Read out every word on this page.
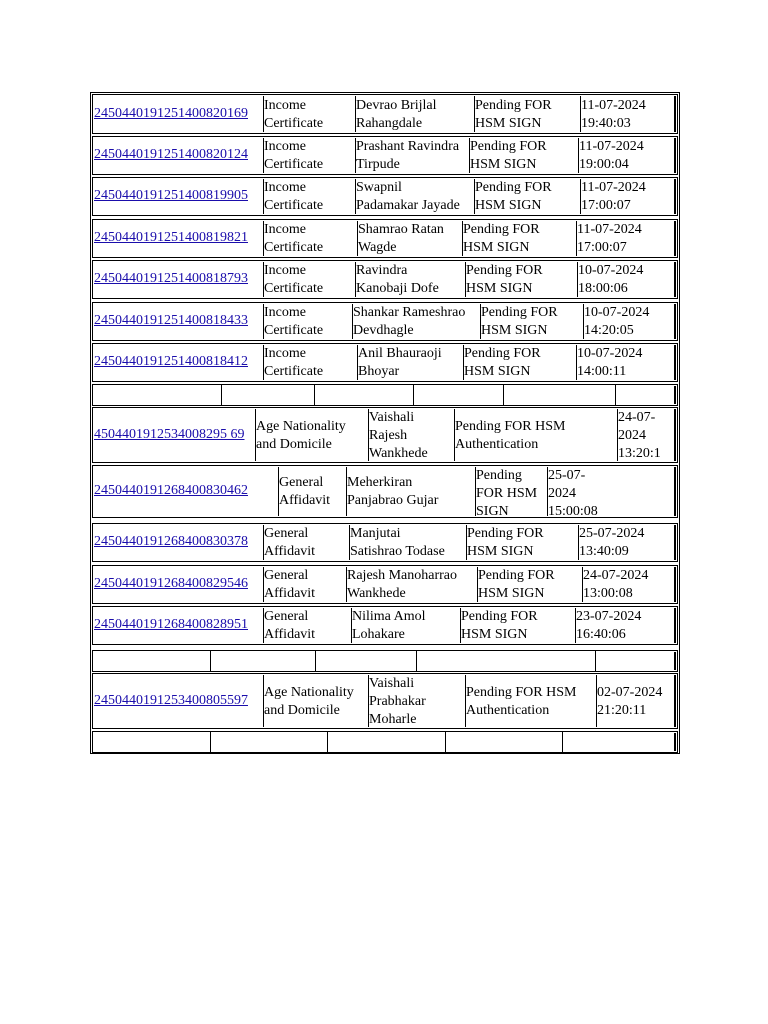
2450440191251400820169
Income
Certificate
Devrao Brijlal
Rahangdale
Pending FOR
HSM SIGN
11-07-2024
19:40:03
2450440191251400820124
Income
Certificate
Prashant Ravindra
Tirpude
Pending FOR
HSM SIGN
11-07-2024
19:00:04
2450440191251400819905
Income
Certificate
Swapnil
Padamakar Jayade
Pending FOR
HSM SIGN
11-07-2024
17:00:07
2450440191251400819821
Income
Certificate
Shamrao Ratan
Wagde
Pending FOR
HSM SIGN
11-07-2024
17:00:07
2450440191251400818793
Income
Certificate
Ravindra
Kanobaji Dofe
Pending FOR
HSM SIGN
10-07-2024
18:00:06
2450440191251400818433
Income
Certificate
Shankar Rameshrao
Devdhagle
Pending FOR
HSM SIGN
10-07-2024
14:20:05
2450440191251400818412
Income
Certificate
Anil Bhauraoji
Bhoyar
Pending FOR
HSM SIGN
10-07-2024
14:00:11
4504401912534008295 69
Age Nationality
and Domicile
Vaishali
Rajesh
Wankhede
Pending FOR HSM
Authentication
24-07-
2024
13:20:1
2450440191268400830462
General
Affidavit
Meherkiran
Panjabrao Gujar
Pending
FOR HSM
SIGN
25-07-
2024
15:00:08
2450440191268400830378
General
Affidavit
Manjutai
Satishrao Todase
Pending FOR
HSM SIGN
25-07-2024
13:40:09
2450440191268400829546
General
Affidavit
Rajesh Manoharrao
Wankhede
Pending FOR
HSM SIGN
24-07-2024
13:00:08
2450440191268400828951
General
Affidavit
Nilima Amol
Lohakare
Pending FOR
HSM SIGN
23-07-2024
16:40:06
2450440191253400805597
Age Nationality
and Domicile
Vaishali
Prabhakar
Moharle
Pending FOR HSM
Authentication
02-07-2024
21:20:11
